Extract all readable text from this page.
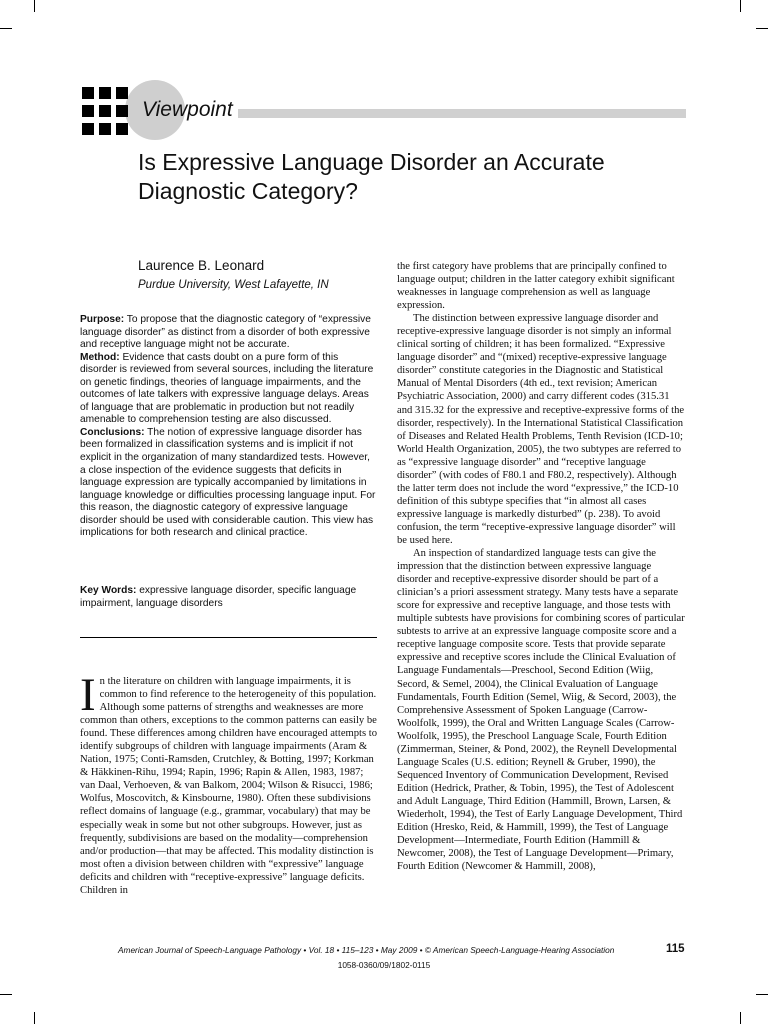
Viewpoint
Is Expressive Language Disorder an Accurate Diagnostic Category?
Laurence B. Leonard
Purdue University, West Lafayette, IN

Purpose: To propose that the diagnostic category of “expressive language disorder” as distinct from a disorder of both expressive and receptive language might not be accurate.

Method: Evidence that casts doubt on a pure form of this disorder is reviewed from several sources, including the literature on genetic findings, theories of language impairments, and the outcomes of late talkers with expressive language delays. Areas of language that are problematic in production but not readily amenable to comprehension testing are also discussed.

Conclusions: The notion of expressive language disorder has been formalized in classification systems and is implicit if not explicit in the organization of many standardized tests. However, a close inspection of the evidence suggests that deficits in language expression are typically accompanied by limitations in language knowledge or difficulties processing language input. For this reason, the diagnostic category of expressive language disorder should be used with considerable caution. This view has implications for both research and clinical practice.

Key Words: expressive language disorder, specific language impairment, language disorders

I n the literature on children with language impairments, it is common to find reference to the heterogeneity of this population. Although some patterns of strengths and weaknesses are more common than others, exceptions to the common patterns can easily be found. These differences among children have encouraged attempts to identify subgroups of children with language impairments (Aram & Nation, 1975; Conti-Ramsden, Crutchley, & Botting, 1997; Korkman & Häkkinen-Rihu, 1994; Rapin, 1996; Rapin & Allen, 1983, 1987; van Daal, Verhoeven, & van Balkom, 2004; Wilson & Risucci, 1986; Wolfus, Moscovitch, & Kinsbourne, 1980). Often these subdivisions reflect domains of language (e.g., grammar, vocabulary) that may be especially weak in some but not other subgroups. However, just as frequently, subdivisions are based on the modality—comprehension and/or production—that may be affected. This modality distinction is most often a division between children with “expressive” language deficits and children with “receptive-expressive” language deficits. Children in

the first category have problems that are principally confined to language output; children in the latter category exhibit significant weaknesses in language comprehension as well as language expression.

The distinction between expressive language disorder and receptive-expressive language disorder is not simply an informal clinical sorting of children; it has been formalized. “Expressive language disorder” and “(mixed) receptive-expressive language disorder” constitute categories in the Diagnostic and Statistical Manual of Mental Disorders (4th ed., text revision; American Psychiatric Association, 2000) and carry different codes (315.31 and 315.32 for the expressive and receptive-expressive forms of the disorder, respectively). In the International Statistical Classification of Diseases and Related Health Problems, Tenth Revision (ICD-10; World Health Organization, 2005), the two subtypes are referred to as “expressive language disorder” and “receptive language disorder” (with codes of F80.1 and F80.2, respectively). Although the latter term does not include the word “expressive,” the ICD-10 definition of this subtype specifies that “in almost all cases expressive language is markedly disturbed” (p. 238). To avoid confusion, the term “receptive-expressive language disorder” will be used here.

An inspection of standardized language tests can give the impression that the distinction between expressive language disorder and receptive-expressive disorder should be part of a clinician’s a priori assessment strategy. Many tests have a separate score for expressive and receptive language, and those tests with multiple subtests have provisions for combining scores of particular subtests to arrive at an expressive language composite score and a receptive language composite score. Tests that provide separate expressive and receptive scores include the Clinical Evaluation of Language Fundamentals—Preschool, Second Edition (Wiig, Secord, & Semel, 2004), the Clinical Evaluation of Language Fundamentals, Fourth Edition (Semel, Wiig, & Secord, 2003), the Comprehensive Assessment of Spoken Language (Carrow-Woolfolk, 1999), the Oral and Written Language Scales (Carrow-Woolfolk, 1995), the Preschool Language Scale, Fourth Edition (Zimmerman, Steiner, & Pond, 2002), the Reynell Developmental Language Scales (U.S. edition; Reynell & Gruber, 1990), the Sequenced Inventory of Communication Development, Revised Edition (Hedrick, Prather, & Tobin, 1995), the Test of Adolescent and Adult Language, Third Edition (Hammill, Brown, Larsen, & Wiederholt, 1994), the Test of Early Language Development, Third Edition (Hresko, Reid, & Hammill, 1999), the Test of Language Development—Intermediate, Fourth Edition (Hammill & Newcomer, 2008), the Test of Language Development—Primary, Fourth Edition (Newcomer & Hammill, 2008),

American Journal of Speech-Language Pathology • Vol. 18 • 115–123 • May 2009 • © American Speech-Language-Hearing Association	115
1058-0360/09/1802-0115
